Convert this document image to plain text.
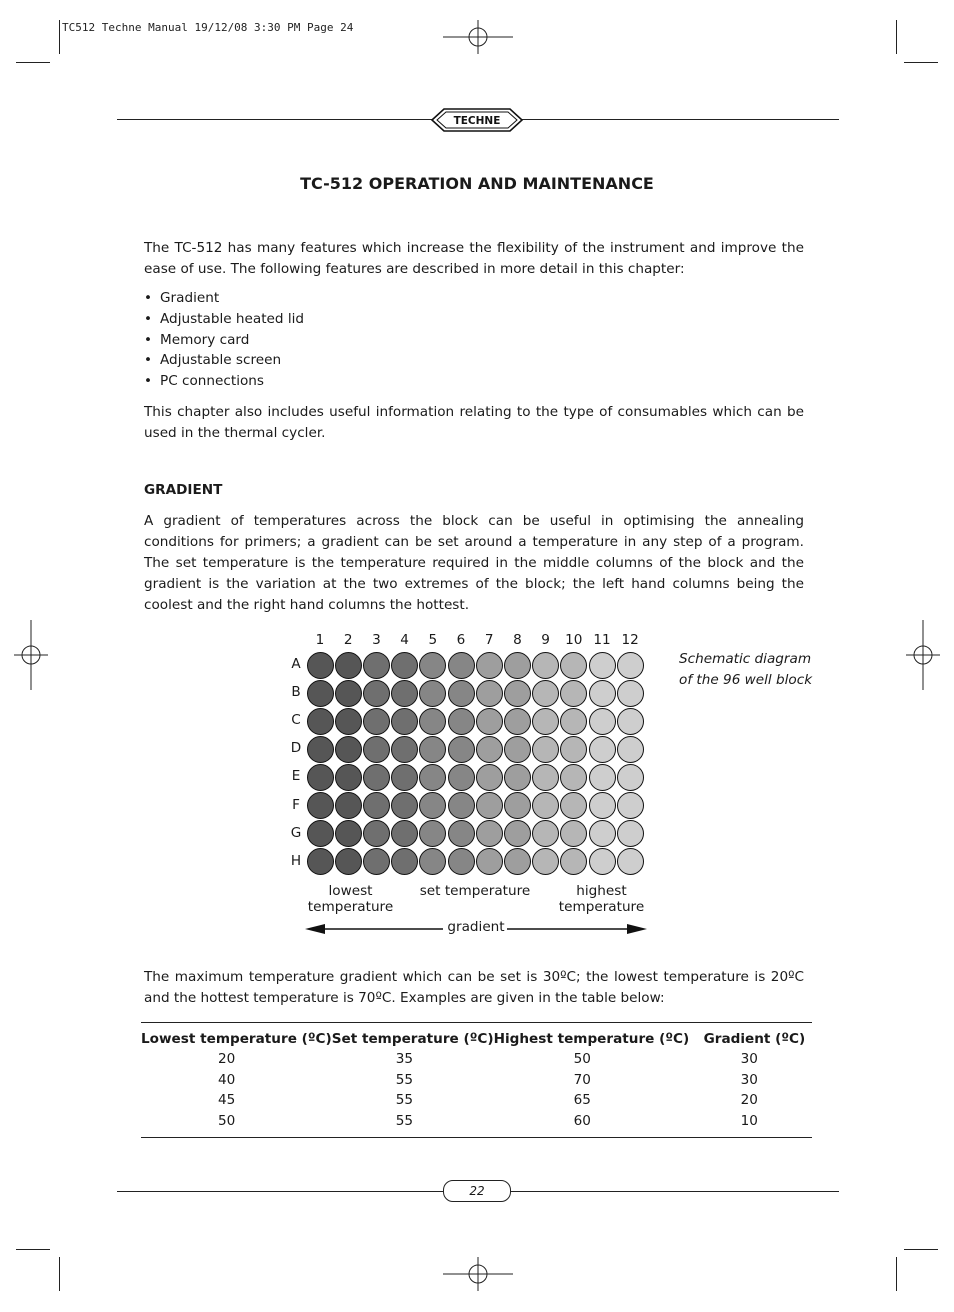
TC512 Techne Manual 19/12/08 3:30 PM Page 24
TECHNE
TC-512 OPERATION AND MAINTENANCE

The TC-512 has many features which increase the flexibility of the instrument and improve the ease of use. The following features are described in more detail in this chapter:

• Gradient
• Adjustable heated lid
• Memory card
• Adjustable screen
• PC connections

This chapter also includes useful information relating to the type of consumables which can be used in the thermal cycler.

GRADIENT

A gradient of temperatures across the block can be useful in optimising the annealing conditions for primers; a gradient can be set around a temperature in any step of a program. The set temperature is the temperature required in the middle columns of the block and the gradient is the variation at the two extremes of the block; the left hand columns being the coolest and the right hand columns the hottest.

1	2	3	4	5	6	7	8	9	10 11 12
A
B
C
D
E
F
G
H
Schematic diagram
of the 96 well block
lowest
temperature
set temperature	highest
temperature
gradient

The maximum temperature gradient which can be set is 30ºC; the lowest temperature is 20ºC and the hottest temperature is 70ºC. Examples are given in the table below:

Lowest temperature (ºC)	Set temperature (ºC)	Highest temperature (ºC)	Gradient (ºC)
20	35	50	30
40	55	70	30
45	55	65	20
50	55	60	10
22
